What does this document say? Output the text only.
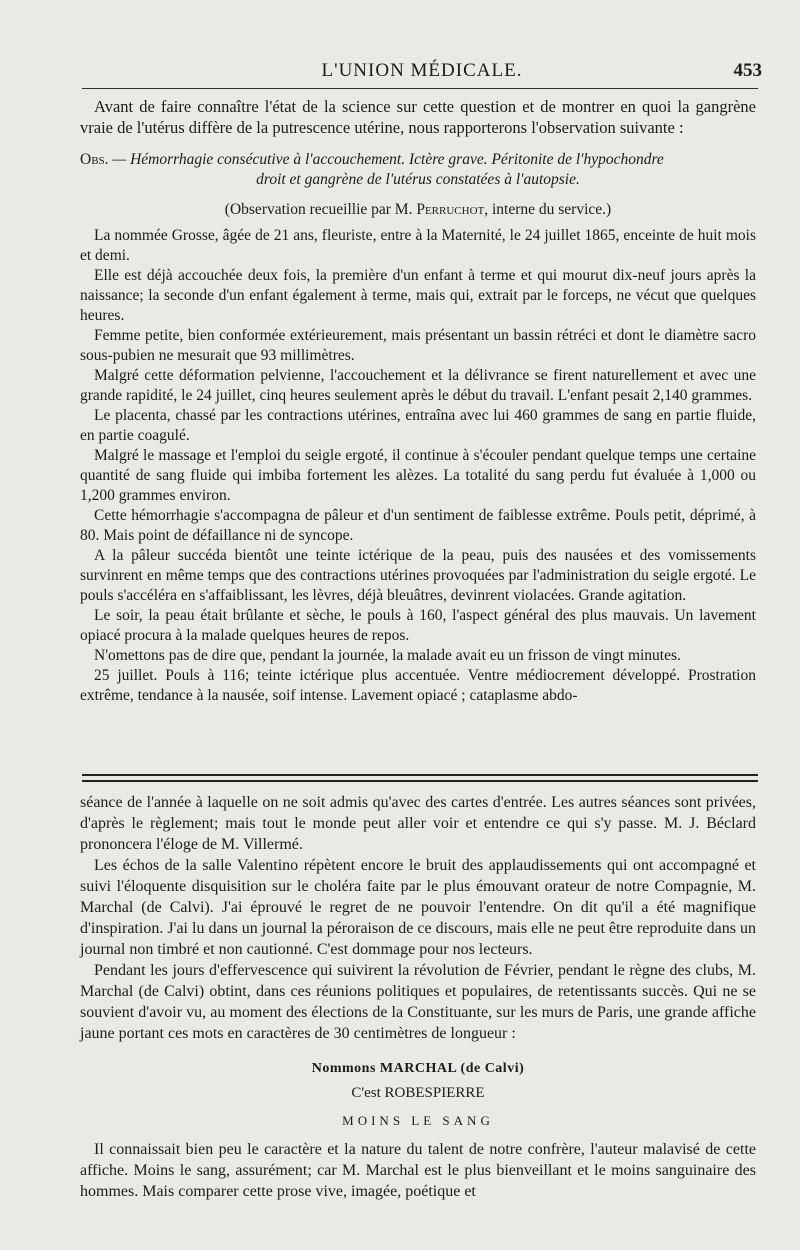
L'UNION MÉDICALE.	453

Avant de faire connaître l'état de la science sur cette question et de montrer en quoi la gangrène vraie de l'utérus diffère de la putrescence utérine, nous rapporterons l'observation suivante :

Obs. — Hémorrhagie consécutive à l'accouchement. Ictère grave. Péritonite de l'hypochondre
droit et gangrène de l'utérus constatées à l'autopsie.

(Observation recueillie par M. Perruchot, interne du service.)

La nommée Grosse, âgée de 21 ans, fleuriste, entre à la Maternité, le 24 juillet 1865, enceinte de huit mois et demi.

Elle est déjà accouchée deux fois, la première d'un enfant à terme et qui mourut dix-neuf jours après la naissance; la seconde d'un enfant également à terme, mais qui, extrait par le forceps, ne vécut que quelques heures.

Femme petite, bien conformée extérieurement, mais présentant un bassin rétréci et dont le diamètre sacro sous-pubien ne mesurait que 93 millimètres.

Malgré cette déformation pelvienne, l'accouchement et la délivrance se firent naturellement et avec une grande rapidité, le 24 juillet, cinq heures seulement après le début du travail. L'enfant pesait 2,140 grammes.

Le placenta, chassé par les contractions utérines, entraîna avec lui 460 grammes de sang en partie fluide, en partie coagulé.

Malgré le massage et l'emploi du seigle ergoté, il continue à s'écouler pendant quelque temps une certaine quantité de sang fluide qui imbiba fortement les alèzes. La totalité du sang perdu fut évaluée à 1,000 ou 1,200 grammes environ.

Cette hémorrhagie s'accompagna de pâleur et d'un sentiment de faiblesse extrême. Pouls petit, déprimé, à 80. Mais point de défaillance ni de syncope.

A la pâleur succéda bientôt une teinte ictérique de la peau, puis des nausées et des vomissements survinrent en même temps que des contractions utérines provoquées par l'administration du seigle ergoté. Le pouls s'accéléra en s'affaiblissant, les lèvres, déjà bleuâtres, devinrent violacées. Grande agitation.

Le soir, la peau était brûlante et sèche, le pouls à 160, l'aspect général des plus mauvais. Un lavement opiacé procura à la malade quelques heures de repos.

N'omettons pas de dire que, pendant la journée, la malade avait eu un frisson de vingt minutes.

25 juillet. Pouls à 116; teinte ictérique plus accentuée. Ventre médiocrement développé. Prostration extrême, tendance à la nausée, soif intense. Lavement opiacé ; cataplasme abdo-

séance de l'année à laquelle on ne soit admis qu'avec des cartes d'entrée. Les autres séances sont privées, d'après le règlement; mais tout le monde peut aller voir et entendre ce qui s'y passe. M. J. Béclard prononcera l'éloge de M. Villermé.

Les échos de la salle Valentino répètent encore le bruit des applaudissements qui ont accompagné et suivi l'éloquente disquisition sur le choléra faite par le plus émouvant orateur de notre Compagnie, M. Marchal (de Calvi). J'ai éprouvé le regret de ne pouvoir l'entendre. On dit qu'il a été magnifique d'inspiration. J'ai lu dans un journal la péroraison de ce discours, mais elle ne peut être reproduite dans un journal non timbré et non cautionné. C'est dommage pour nos lecteurs.

Pendant les jours d'effervescence qui suivirent la révolution de Février, pendant le règne des clubs, M. Marchal (de Calvi) obtint, dans ces réunions politiques et populaires, de retentissants succès. Qui ne se souvient d'avoir vu, au moment des élections de la Constituante, sur les murs de Paris, une grande affiche jaune portant ces mots en caractères de 30 centimètres de longueur :

Nommons MARCHAL (de Calvi)

C'est ROBESPIERRE

MOINS LE SANG

Il connaissait bien peu le caractère et la nature du talent de notre confrère, l'auteur malavisé de cette affiche. Moins le sang, assurément; car M. Marchal est le plus bienveillant et le moins sanguinaire des hommes. Mais comparer cette prose vive, imagée, poétique et
